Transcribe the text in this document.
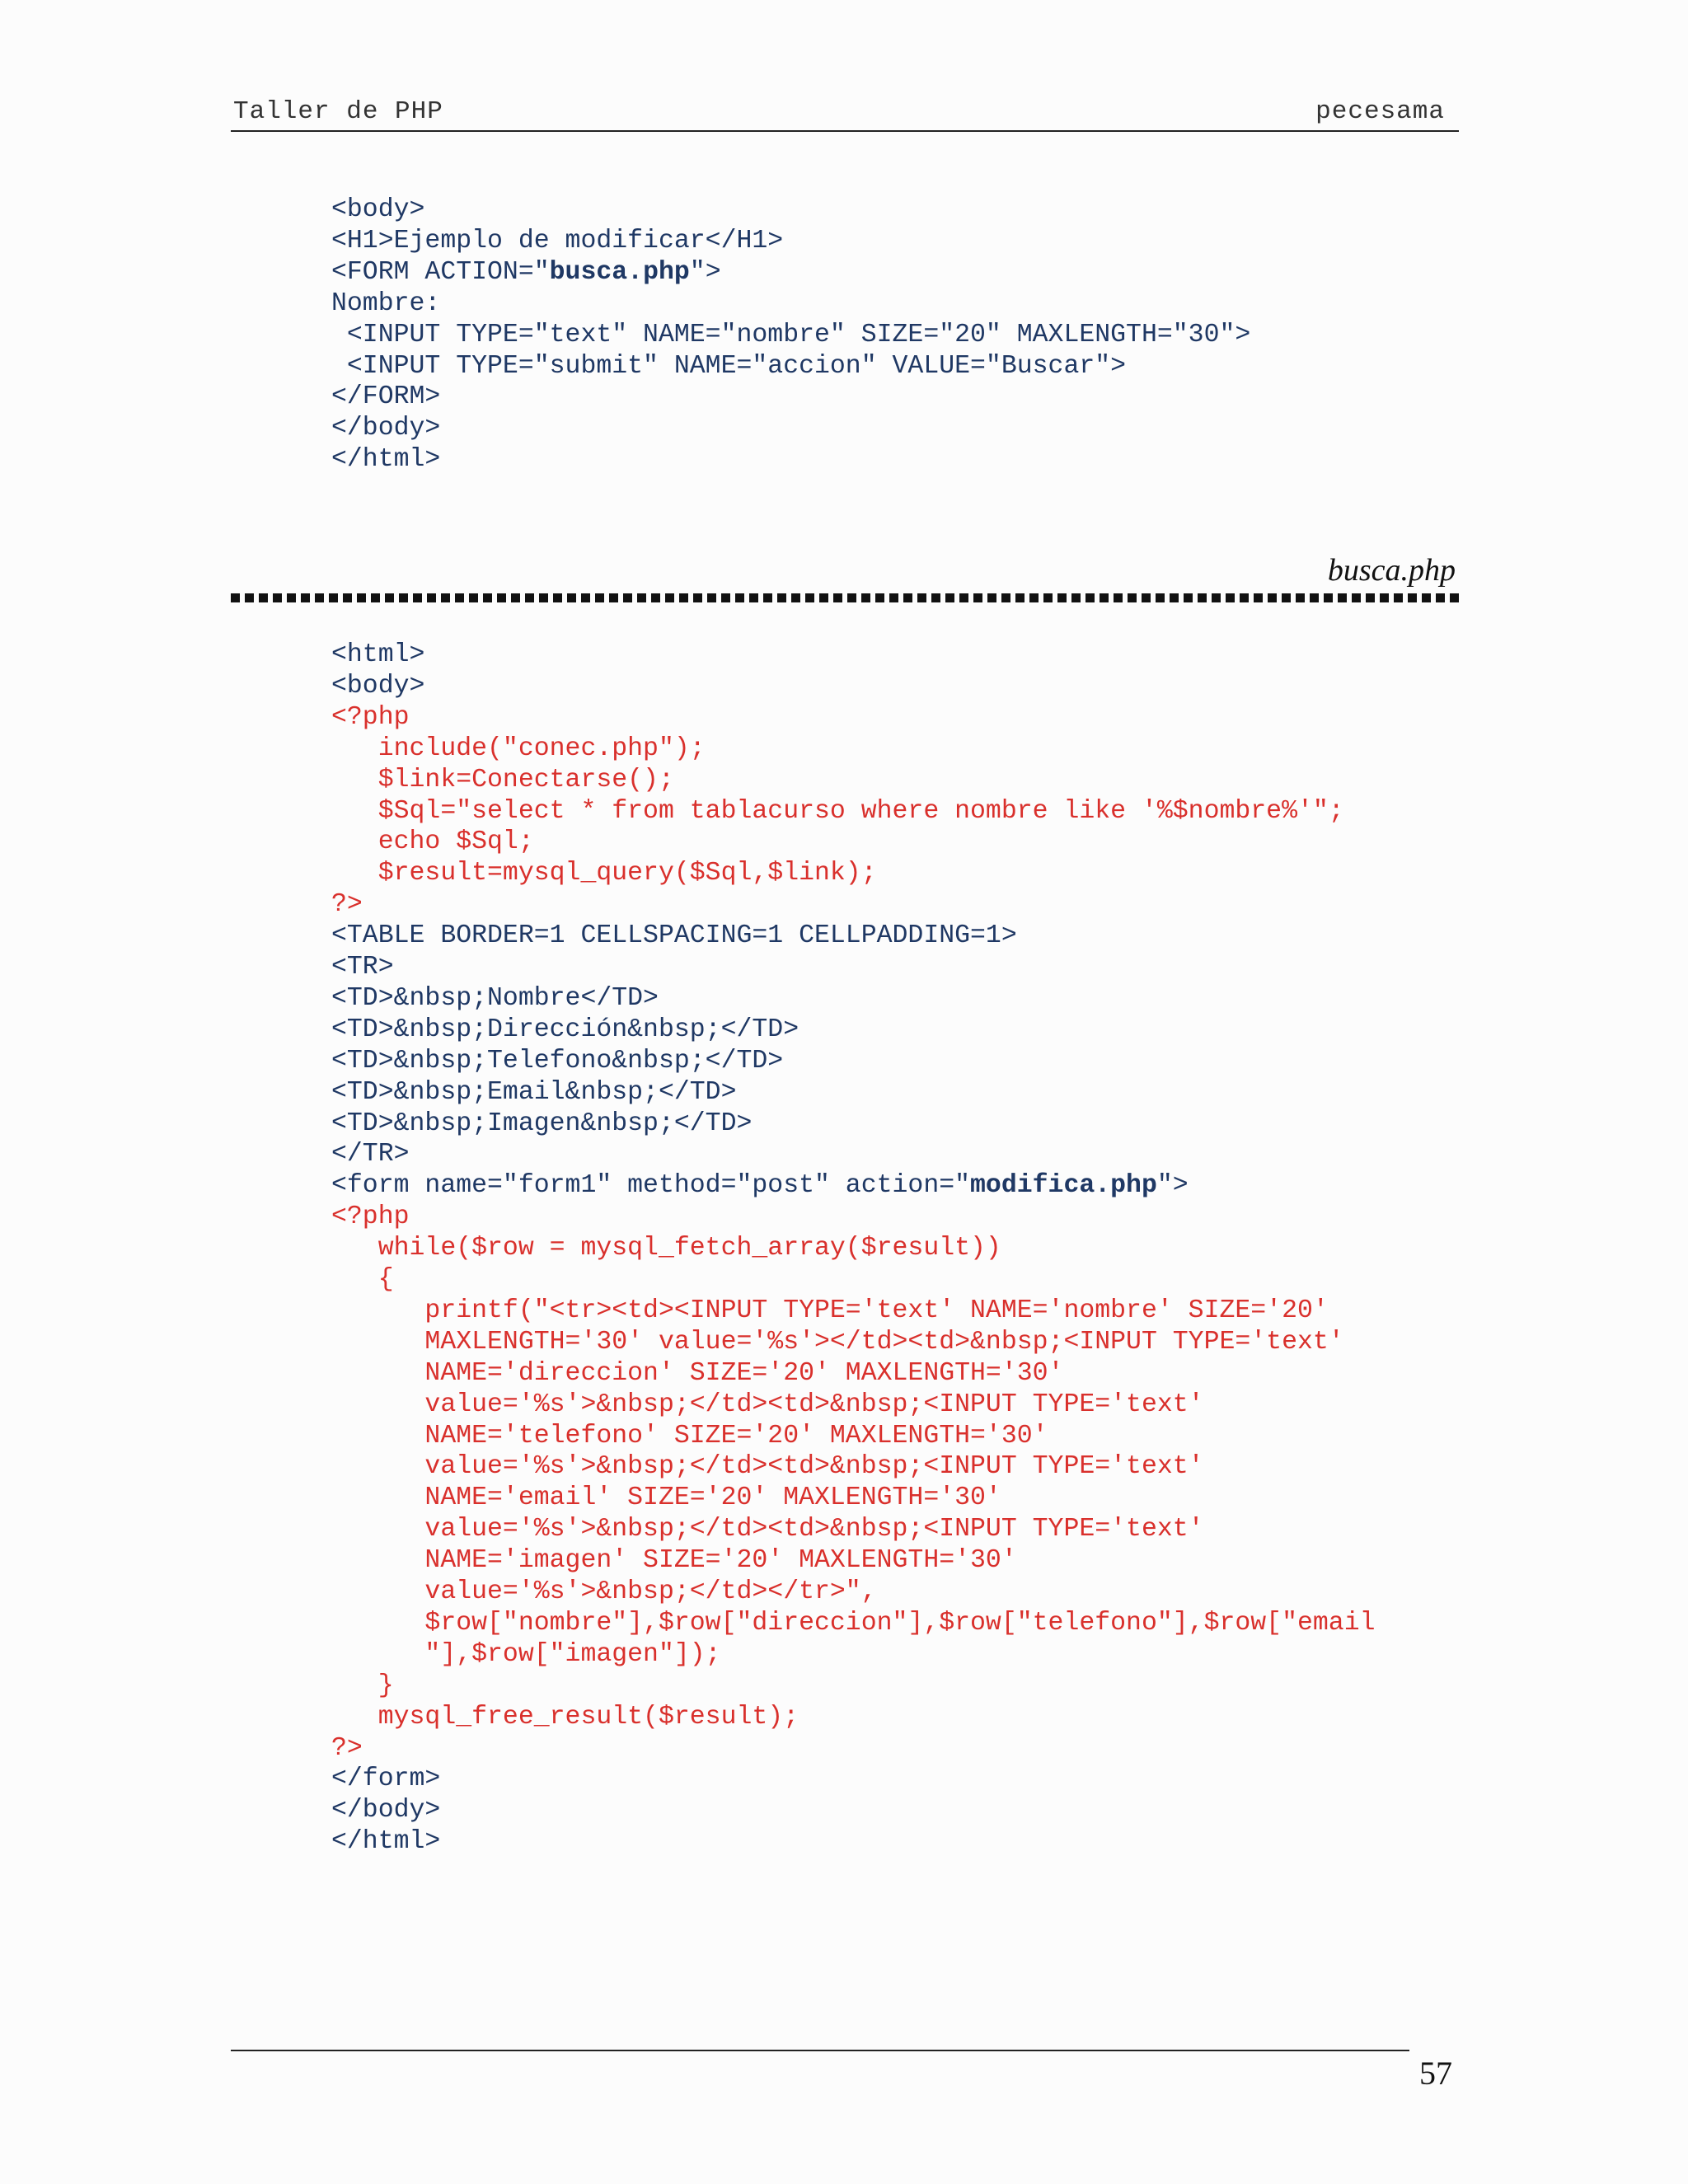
Taller de PHP	pecesama
<body>
<H1>Ejemplo de modificar</H1>
<FORM ACTION="busca.php">
Nombre:
<INPUT TYPE="text" NAME="nombre" SIZE="20" MAXLENGTH="30">
<INPUT TYPE="submit" NAME="accion" VALUE="Buscar">
</FORM>
</body>
</html>
busca.php
<html>
<body>
<?php
include("conec.php");
$link=Conectarse();
$Sql="select * from tablacurso where nombre like '%$nombre%'";
echo $Sql;
$result=mysql_query($Sql,$link);
?>
<TABLE BORDER=1 CELLSPACING=1 CELLPADDING=1>
<TR>
<TD>&nbsp;Nombre</TD>
<TD>&nbsp;Dirección&nbsp;</TD>
<TD>&nbsp;Telefono&nbsp;</TD>
<TD>&nbsp;Email&nbsp;</TD>
<TD>&nbsp;Imagen&nbsp;</TD>
</TR>
<form name="form1" method="post" action="modifica.php">
<?php
while($row = mysql_fetch_array($result))
{
printf("<tr><td><INPUT TYPE='text' NAME='nombre' SIZE='20'
MAXLENGTH='30' value='%s'></td><td>&nbsp;<INPUT TYPE='text'
NAME='direccion' SIZE='20' MAXLENGTH='30'
value='%s'>&nbsp;</td><td>&nbsp;<INPUT TYPE='text'
NAME='telefono' SIZE='20' MAXLENGTH='30'
value='%s'>&nbsp;</td><td>&nbsp;<INPUT TYPE='text'
NAME='email' SIZE='20' MAXLENGTH='30'
value='%s'>&nbsp;</td><td>&nbsp;<INPUT TYPE='text'
NAME='imagen' SIZE='20' MAXLENGTH='30'
value='%s'>&nbsp;</td></tr>",
$row["nombre"],$row["direccion"],$row["telefono"],$row["email
"],$row["imagen"]);
}
mysql_free_result($result);
?>
</form>
</body>
</html>
57
